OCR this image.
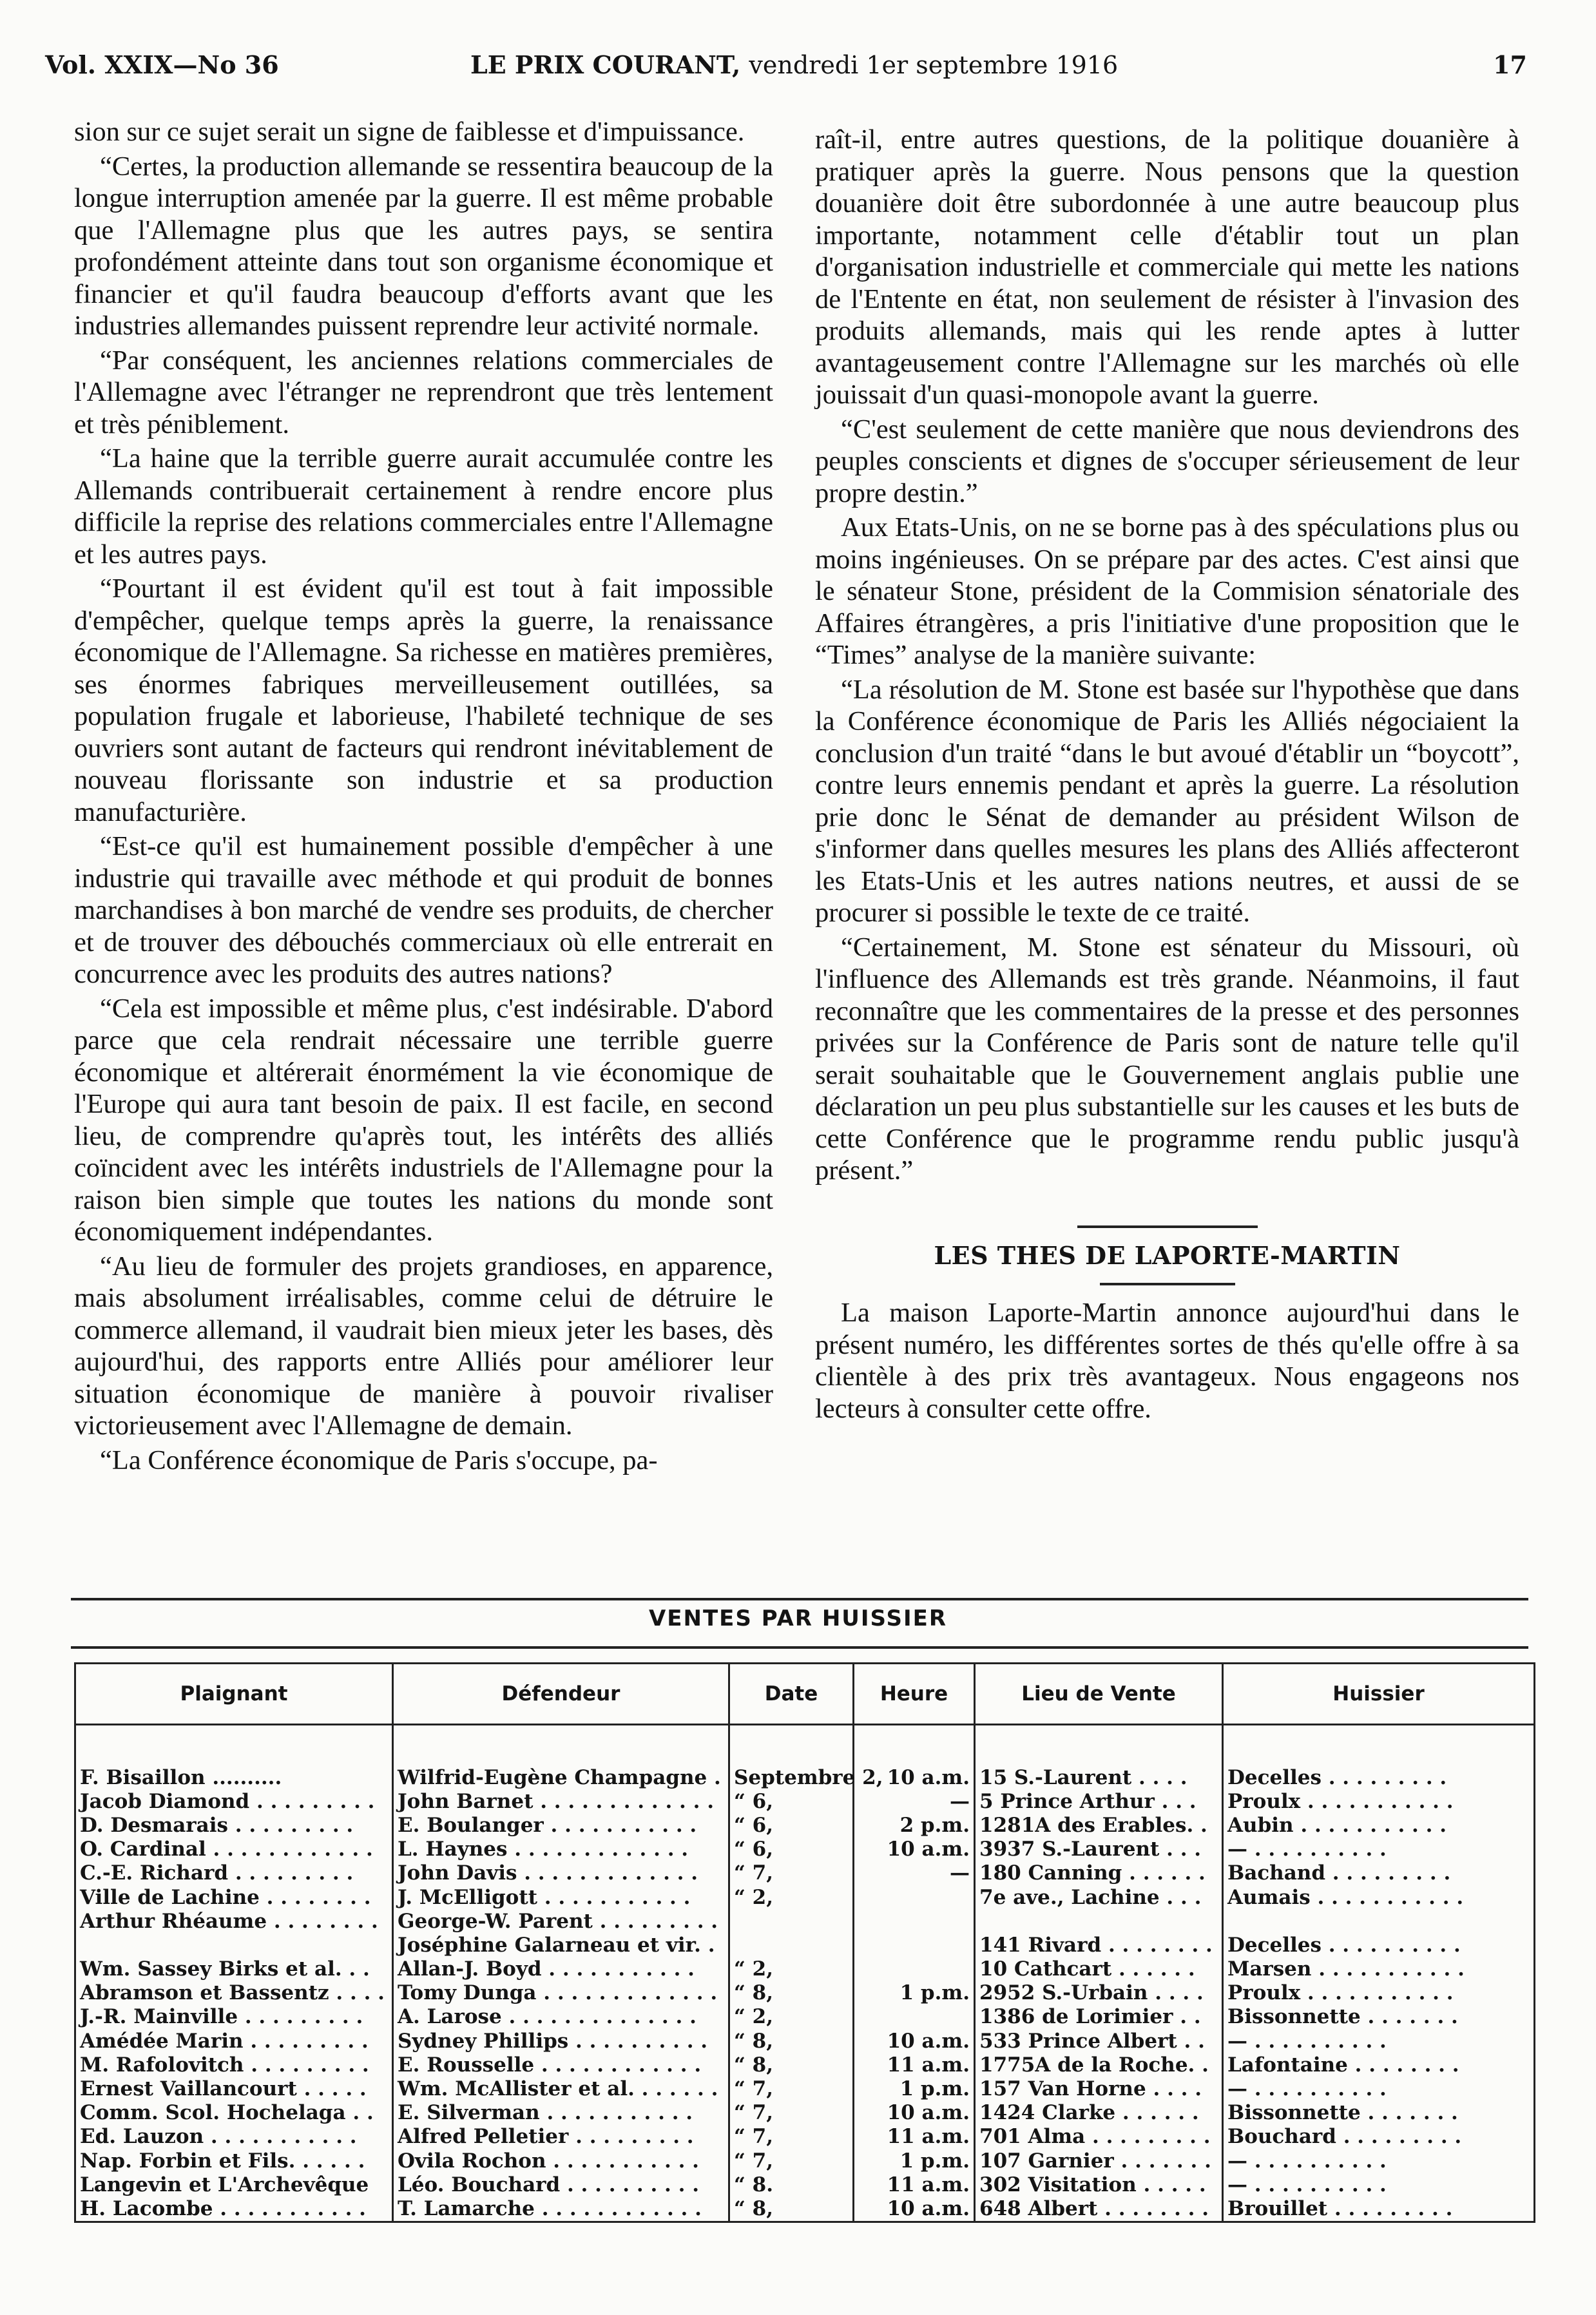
Vol. XXIX—No 36	LE PRIX COURANT, vendredi 1er septembre 1916	17

sion sur ce sujet serait un signe de faiblesse et d'impuissance.

“Certes, la production allemande se ressentira beaucoup de la longue interruption amenée par la guerre. Il est même probable que l'Allemagne plus que les autres pays, se sentira profondément atteinte dans tout son organisme économique et financier et qu'il faudra beaucoup d'efforts avant que les industries allemandes puissent reprendre leur activité normale.

“Par conséquent, les anciennes relations commerciales de l'Allemagne avec l'étranger ne reprendront que très lentement et très péniblement.

“La haine que la terrible guerre aurait accumulée contre les Allemands contribuerait certainement à rendre encore plus difficile la reprise des relations commerciales entre l'Allemagne et les autres pays.

“Pourtant il est évident qu'il est tout à fait impossible d'empêcher, quelque temps après la guerre, la renaissance économique de l'Allemagne. Sa richesse en matières premières, ses énormes fabriques merveilleusement outillées, sa population frugale et laborieuse, l'habileté technique de ses ouvriers sont autant de facteurs qui rendront inévitablement de nouveau florissante son industrie et sa production manufacturière.

“Est-ce qu'il est humainement possible d'empêcher à une industrie qui travaille avec méthode et qui produit de bonnes marchandises à bon marché de vendre ses produits, de chercher et de trouver des débouchés commerciaux où elle entrerait en concurrence avec les produits des autres nations?

“Cela est impossible et même plus, c'est indésirable. D'abord parce que cela rendrait nécessaire une terrible guerre économique et altérerait énormément la vie économique de l'Europe qui aura tant besoin de paix. Il est facile, en second lieu, de comprendre qu'après tout, les intérêts des alliés coïncident avec les intérêts industriels de l'Allemagne pour la raison bien simple que toutes les nations du monde sont économiquement indépendantes.

“Au lieu de formuler des projets grandioses, en apparence, mais absolument irréalisables, comme celui de détruire le commerce allemand, il vaudrait bien mieux jeter les bases, dès aujourd'hui, des rapports entre Alliés pour améliorer leur situation économique de manière à pouvoir rivaliser victorieusement avec l'Allemagne de demain.

“La Conférence économique de Paris s'occupe, pa-

raît-il, entre autres questions, de la politique douanière à pratiquer après la guerre. Nous pensons que la question douanière doit être subordonnée à une autre beaucoup plus importante, notamment celle d'établir tout un plan d'organisation industrielle et commerciale qui mette les nations de l'Entente en état, non seulement de résister à l'invasion des produits allemands, mais qui les rende aptes à lutter avantageusement contre l'Allemagne sur les marchés où elle jouissait d'un quasi-monopole avant la guerre.

“C'est seulement de cette manière que nous deviendrons des peuples conscients et dignes de s'occuper sérieusement de leur propre destin.”

Aux Etats-Unis, on ne se borne pas à des spéculations plus ou moins ingénieuses. On se prépare par des actes. C'est ainsi que le sénateur Stone, président de la Commision sénatoriale des Affaires étrangères, a pris l'initiative d'une proposition que le “Times” analyse de la manière suivante:

“La résolution de M. Stone est basée sur l'hypothèse que dans la Conférence économique de Paris les Alliés négociaient la conclusion d'un traité “dans le but avoué d'établir un “boycott”, contre leurs ennemis pendant et après la guerre. La résolution prie donc le Sénat de demander au président Wilson de s'informer dans quelles mesures les plans des Alliés affecteront les Etats-Unis et les autres nations neutres, et aussi de se procurer si possible le texte de ce traité.

“Certainement, M. Stone est sénateur du Missouri, où l'influence des Allemands est très grande. Néanmoins, il faut reconnaître que les commentaires de la presse et des personnes privées sur la Conférence de Paris sont de nature telle qu'il serait souhaitable que le Gouvernement anglais publie une déclaration un peu plus substantielle sur les causes et les buts de cette Conférence que le programme rendu public jusqu'à présent.”

LES THES DE LAPORTE-MARTIN

La maison Laporte-Martin annonce aujourd'hui dans le présent numéro, les différentes sortes de thés qu'elle offre à sa clientèle à des prix très avantageux. Nous engageons nos lecteurs à consulter cette offre.

VENTES PAR HUISSIER
Plaignant	Défendeur	Date	Heure	Lieu de Vente	Huissier

F. Bisaillon ..........	Wilfrid-Eugène Champagne .	Septembre 2,	10 a.m.	15 S.-Laurent . . . .	Decelles . . . . . . . . .
Jacob Diamond . . . . . . . . .	John Barnet . . . . . . . . . . . . .	“ 6,	—	5 Prince Arthur . . .	Proulx . . . . . . . . . . .
D. Desmarais . . . . . . . . .	E. Boulanger . . . . . . . . . . .	“ 6,	2 p.m.	1281A des Erables. .	Aubin . . . . . . . . . . .
O. Cardinal . . . . . . . . . . . .	L. Haynes . . . . . . . . . . . . .	“ 6,	10 a.m.	3937 S.-Laurent . . .	— . . . . . . . . . .
C.-E. Richard . . . . . . . . .	John Davis . . . . . . . . . . . . .	“ 7,	—	180 Canning . . . . . .	Bachand . . . . . . . . .
Ville de Lachine . . . . . . . .	J. McElligott . . . . . . . . . . .	“ 2,		7e ave., Lachine . . .	Aumais . . . . . . . . . . .
Arthur Rhéaume . . . . . . . .	George-W. Parent . . . . . . . . .				
	Joséphine Galarneau et vir. .			141 Rivard . . . . . . . .	Decelles . . . . . . . . . .
Wm. Sassey Birks et al. . .	Allan-J. Boyd . . . . . . . . . . .	“ 2,		10 Cathcart . . . . . .	Marsen . . . . . . . . . . .
Abramson et Bassentz . . . .	Tomy Dunga . . . . . . . . . . . . .	“ 8,	1 p.m.	2952 S.-Urbain . . . .	Proulx . . . . . . . . . . .
J.-R. Mainville . . . . . . . . .	A. Larose . . . . . . . . . . . . . .	“ 2,		1386 de Lorimier . .	Bissonnette . . . . . . .
Amédée Marin . . . . . . . . .	Sydney Phillips . . . . . . . . . .	“ 8,	10 a.m.	533 Prince Albert . .	— . . . . . . . . . .
M. Rafolovitch . . . . . . . . .	E. Rousselle . . . . . . . . . . . .	“ 8,	11 a.m.	1775A de la Roche. .	Lafontaine . . . . . . . .
Ernest Vaillancourt . . . . .	Wm. McAllister et al. . . . . . .	“ 7,	1 p.m.	157 Van Horne . . . .	— . . . . . . . . . .
Comm. Scol. Hochelaga . .	E. Silverman . . . . . . . . . . .	“ 7,	10 a.m.	1424 Clarke . . . . . .	Bissonnette . . . . . . .
Ed. Lauzon . . . . . . . . . . .	Alfred Pelletier . . . . . . . . .	“ 7,	11 a.m.	701 Alma . . . . . . . . .	Bouchard . . . . . . . . .
Nap. Forbin et Fils. . . . . .	Ovila Rochon . . . . . . . . . . .	“ 7,	1 p.m.	107 Garnier . . . . . . .	— . . . . . . . . . .
Langevin et L'Archevêque	Léo. Bouchard . . . . . . . . . .	“ 8.	11 a.m.	302 Visitation . . . . .	— . . . . . . . . . .
H. Lacombe . . . . . . . . . . .	T. Lamarche . . . . . . . . . . . .	“ 8,	10 a.m.	648 Albert . . . . . . . .	Brouillet . . . . . . . . .
